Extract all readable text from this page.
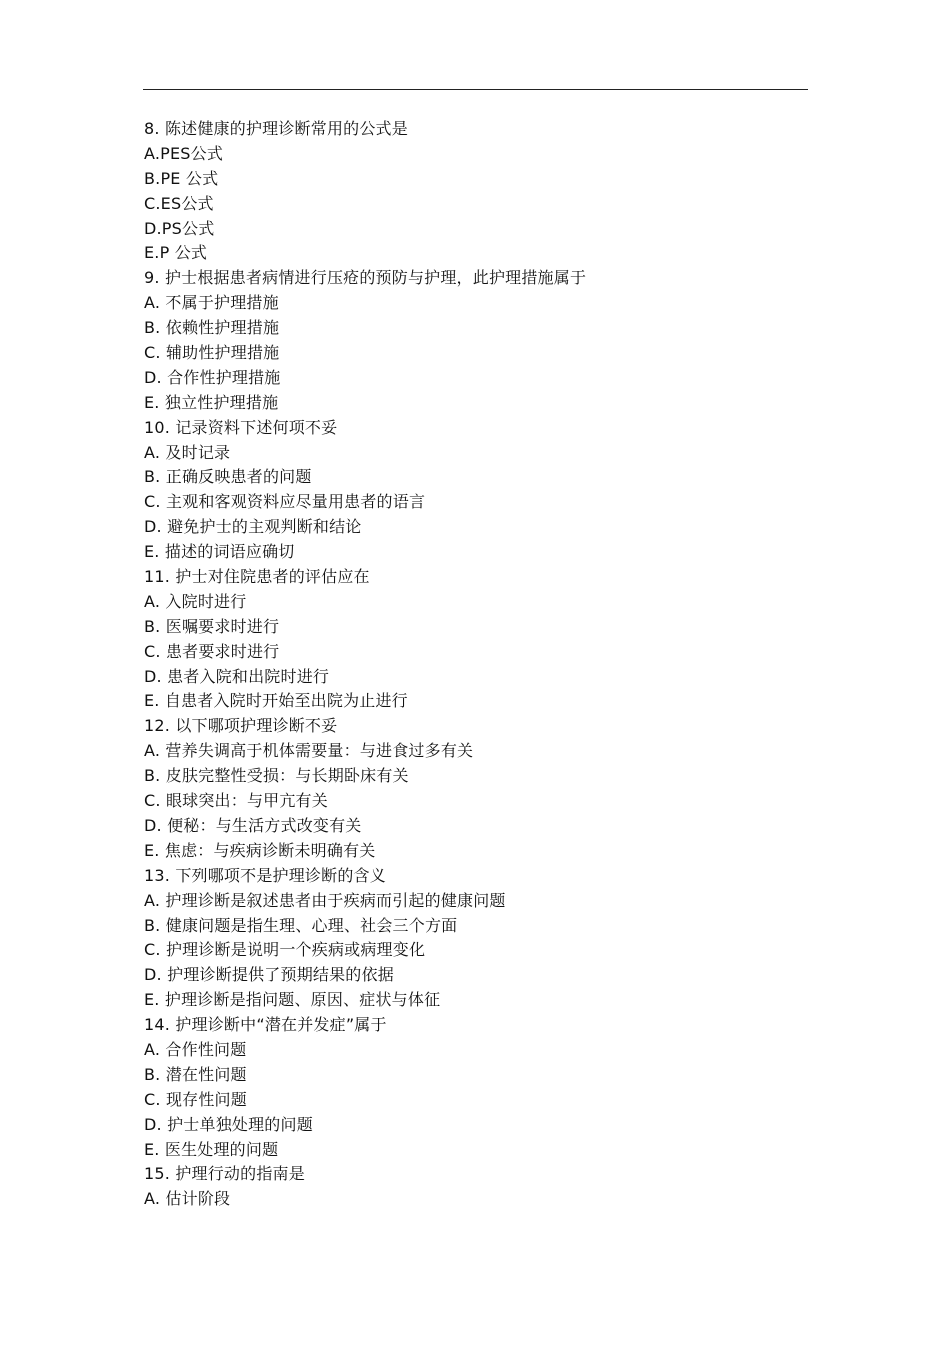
8. 陈述健康的护理诊断常用的公式是
A.PES公式
B.PE 公式
C.ES公式
D.PS公式
E.P 公式
9. 护士根据患者病情进行压疮的预防与护理，此护理措施属于
A. 不属于护理措施
B. 依赖性护理措施
C. 辅助性护理措施
D. 合作性护理措施
E. 独立性护理措施
10. 记录资料下述何项不妥
A. 及时记录
B. 正确反映患者的问题
C. 主观和客观资料应尽量用患者的语言
D. 避免护士的主观判断和结论
E. 描述的词语应确切
11. 护士对住院患者的评估应在
A. 入院时进行
B. 医嘱要求时进行
C. 患者要求时进行
D. 患者入院和出院时进行
E. 自患者入院时开始至出院为止进行
12. 以下哪项护理诊断不妥
A. 营养失调高于机体需要量：与进食过多有关
B. 皮肤完整性受损：与长期卧床有关
C. 眼球突出：与甲亢有关
D. 便秘：与生活方式改变有关
E. 焦虑：与疾病诊断未明确有关
13. 下列哪项不是护理诊断的含义
A. 护理诊断是叙述患者由于疾病而引起的健康问题
B. 健康问题是指生理、心理、社会三个方面
C. 护理诊断是说明一个疾病或病理变化
D. 护理诊断提供了预期结果的依据
E. 护理诊断是指问题、原因、症状与体征
14. 护理诊断中“潜在并发症”属于
A. 合作性问题
B. 潜在性问题
C. 现存性问题
D. 护士单独处理的问题
E. 医生处理的问题
15. 护理行动的指南是
A. 估计阶段
